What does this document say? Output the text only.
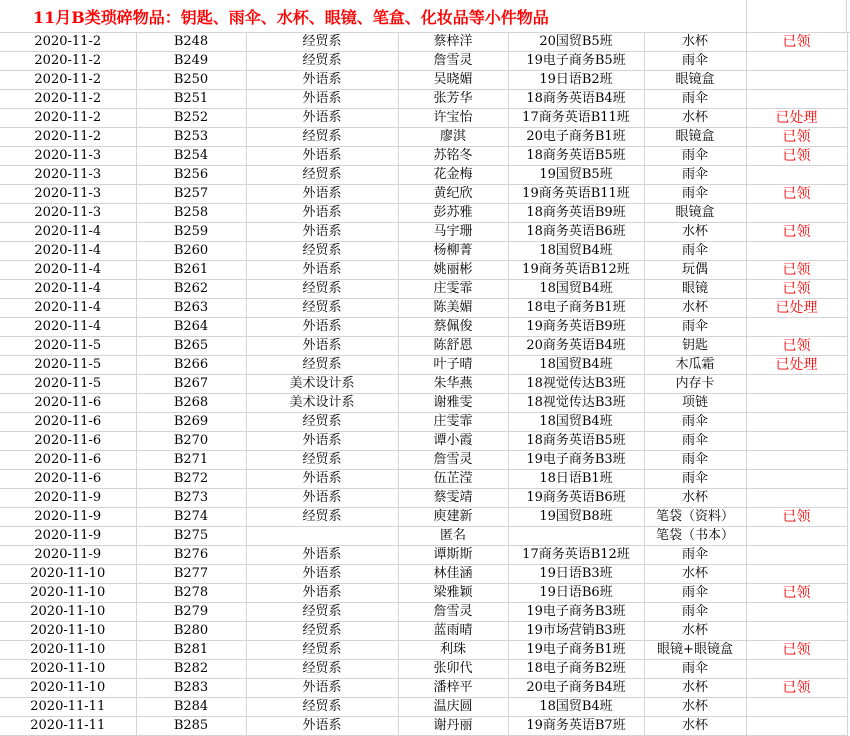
11月B类琐碎物品：钥匙、雨伞、水杯、眼镜、笔盒、化妆品等小件物品
2020-11-2	B248	经贸系	蔡梓洋	20国贸B5班	水杯	已领
2020-11-2	B249	经贸系	詹雪灵	19电子商务B5班	雨伞	
2020-11-2	B250	外语系	吴晓媚	19日语B2班	眼镜盒	
2020-11-2	B251	外语系	张芳华	18商务英语B4班	雨伞	
2020-11-2	B252	外语系	许宝怡	17商务英语B11班	水杯	已处理
2020-11-2	B253	经贸系	廖淇	20电子商务B1班	眼镜盒	已领
2020-11-3	B254	外语系	苏铭冬	18商务英语B5班	雨伞	已领
2020-11-3	B256	经贸系	花金梅	19国贸B5班	雨伞	
2020-11-3	B257	外语系	黄纪欣	19商务英语B11班	雨伞	已领
2020-11-3	B258	外语系	彭苏雅	18商务英语B9班	眼镜盒	
2020-11-4	B259	外语系	马宇珊	18商务英语B6班	水杯	已领
2020-11-4	B260	经贸系	杨柳菁	18国贸B4班	雨伞	
2020-11-4	B261	外语系	姚丽彬	19商务英语B12班	玩偶	已领
2020-11-4	B262	经贸系	庄雯霏	18国贸B4班	眼镜	已领
2020-11-4	B263	经贸系	陈美媚	18电子商务B1班	水杯	已处理
2020-11-4	B264	外语系	蔡佩俊	19商务英语B9班	雨伞	
2020-11-5	B265	外语系	陈舒恩	20商务英语B4班	钥匙	已领
2020-11-5	B266	经贸系	叶子晴	18国贸B4班	木瓜霜	已处理
2020-11-5	B267	美术设计系	朱华燕	18视觉传达B3班	内存卡	
2020-11-6	B268	美术设计系	谢雅雯	18视觉传达B3班	项链	
2020-11-6	B269	经贸系	庄雯霏	18国贸B4班	雨伞	
2020-11-6	B270	外语系	谭小霞	18商务英语B5班	雨伞	
2020-11-6	B271	经贸系	詹雪灵	19电子商务B3班	雨伞	
2020-11-6	B272	外语系	伍芷滢	18日语B1班	雨伞	
2020-11-9	B273	外语系	蔡雯靖	19商务英语B6班	水杯	
2020-11-9	B274	经贸系	庾建新	19国贸B8班	笔袋（资料）	已领
2020-11-9	B275		匿名		笔袋（书本）	
2020-11-9	B276	外语系	谭斯斯	17商务英语B12班	雨伞	
2020-11-10	B277	外语系	林佳涵	19日语B3班	水杯	
2020-11-10	B278	外语系	梁雅颖	19日语B6班	雨伞	已领
2020-11-10	B279	经贸系	詹雪灵	19电子商务B3班	雨伞	
2020-11-10	B280	经贸系	蓝雨晴	19市场营销B3班	水杯	
2020-11-10	B281	经贸系	利珠	19电子商务B1班	眼镜+眼镜盒	已领
2020-11-10	B282	经贸系	张卯代	18电子商务B2班	雨伞	
2020-11-10	B283	外语系	潘梓平	20电子商务B4班	水杯	已领
2020-11-11	B284	经贸系	温庆圆	18国贸B4班	水杯	
2020-11-11	B285	外语系	谢丹丽	19商务英语B7班	水杯	
